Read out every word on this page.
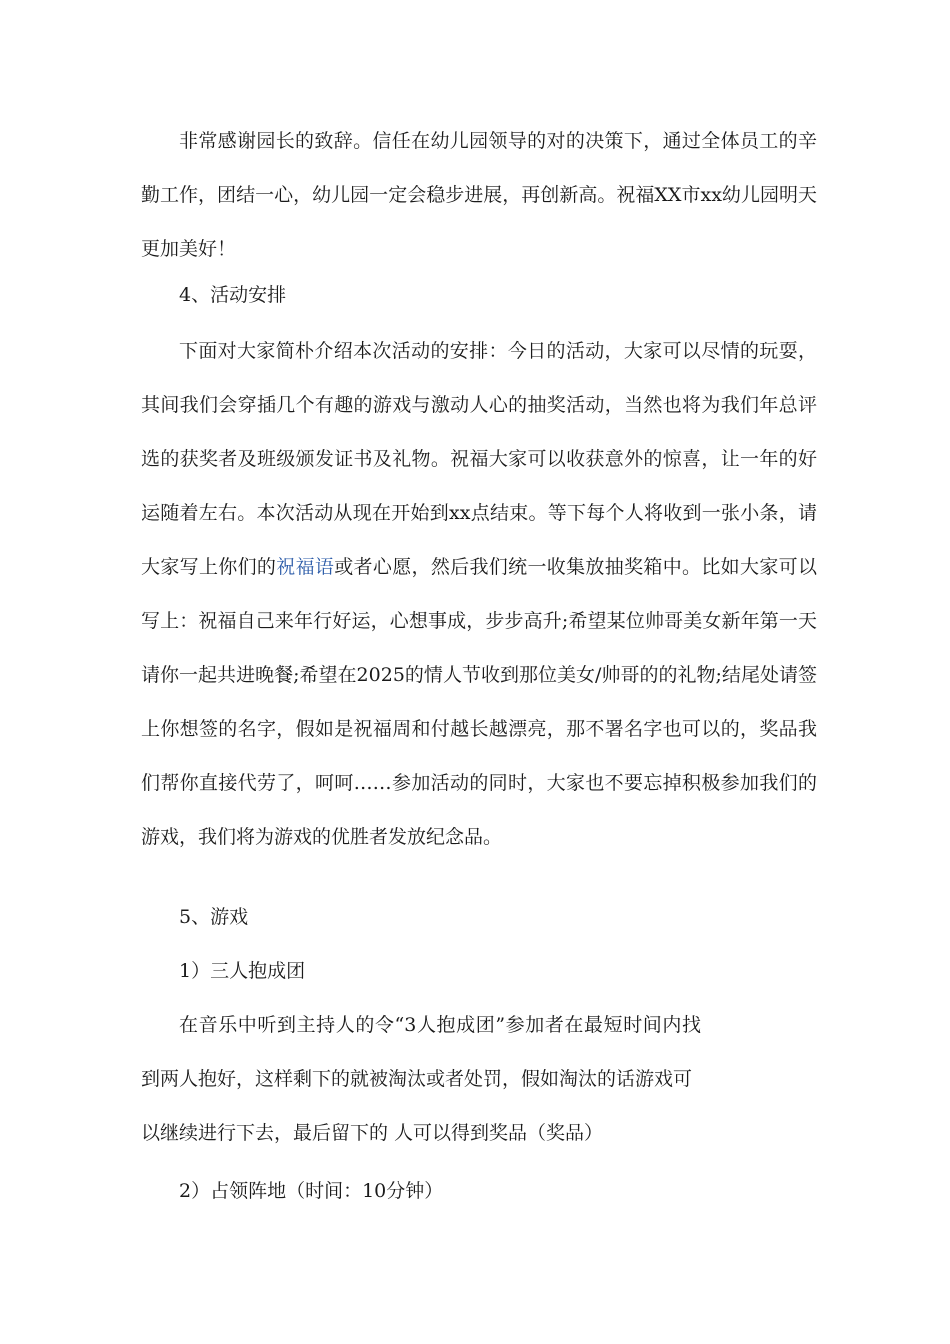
非常感谢园长的致辞。信任在幼儿园领导的对的决策下，通过全体员工的辛勤工作，团结一心，幼儿园一定会稳步进展，再创新高。祝福XX市xx幼儿园明天更加美好！

4、活动安排

下面对大家简朴介绍本次活动的安排：今日的活动，大家可以尽情的玩耍，其间我们会穿插几个有趣的游戏与激动人心的抽奖活动，当然也将为我们年总评选的获奖者及班级颁发证书及礼物。祝福大家可以收获意外的惊喜，让一年的好运随着左右。本次活动从现在开始到xx点结束。等下每个人将收到一张小条，请大家写上你们的祝福语或者心愿，然后我们统一收集放抽奖箱中。比如大家可以写上：祝福自己来年行好运，心想事成，步步高升;希望某位帅哥美女新年第一天请你一起共进晚餐;希望在2025的情人节收到那位美女/帅哥的的礼物;结尾处请签上你想签的名字，假如是祝福周和付越长越漂亮，那不署名字也可以的，奖品我们帮你直接代劳了，呵呵……参加活动的同时，大家也不要忘掉积极参加我们的游戏，我们将为游戏的优胜者发放纪念品。

5、游戏

1）三人抱成团

在音乐中听到主持人的令“3人抱成团”参加者在最短时间内找到两人抱好，这样剩下的就被淘汰或者处罚，假如淘汰的话游戏可

以继续进行下去，最后留下的 人可以得到奖品（奖品）

2）占领阵地（时间：10分钟）
